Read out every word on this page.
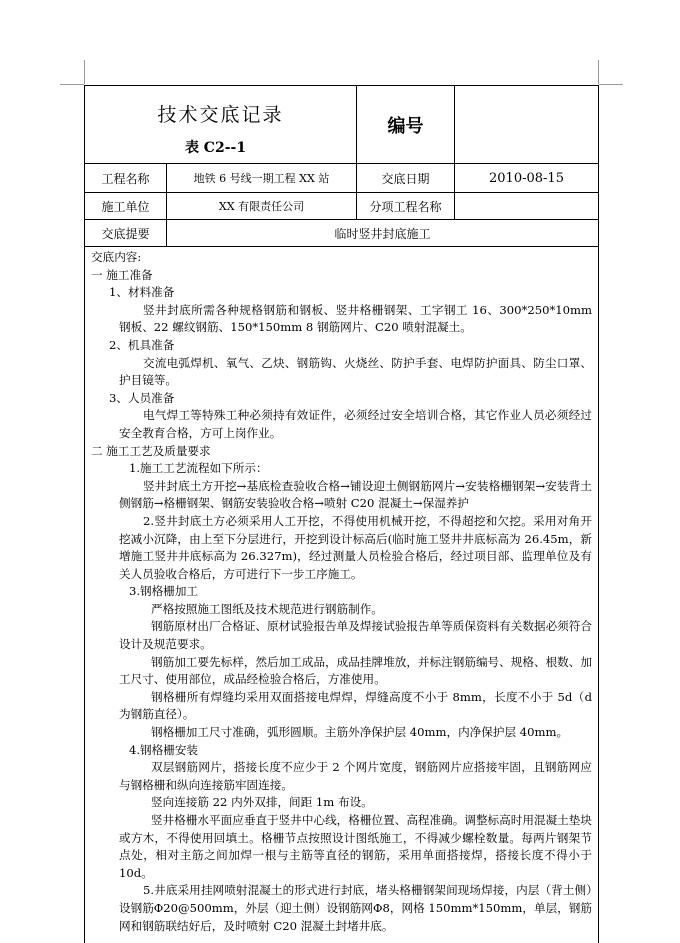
技术交底记录
表 C2--1
编号
工程名称	地铁 6 号线一期工程 XX 站	交底日期	2010-08-15
施工单位	XX 有限责任公司	分项工程名称
交底提要	临时竖井封底施工

交底内容:

一 施工准备

1、材料准备

竖井封底所需各种规格钢筋和钢板、竖井格栅钢架、工字钢工 16、300*250*10mm 钢板、22 螺纹钢筋、150*150mm 8 钢筋网片、C20 喷射混凝土。

2、机具准备

交流电弧焊机、氧气、乙炔、钢筋钩、火烧丝、防护手套、电焊防护面具、防尘口罩、护目镜等。

3、人员准备

电气焊工等特殊工种必须持有效证件，必须经过安全培训合格，其它作业人员必须经过安全教育合格，方可上岗作业。

二 施工工艺及质量要求

1.施工工艺流程如下所示：

竖井封底土方开挖→基底检查验收合格→铺设迎土侧钢筋网片→安装格栅钢架→安装背土侧钢筋→格栅钢架、钢筋安装验收合格→喷射 C20 混凝土→保湿养护

2.竖井封底土方必须采用人工开挖，不得使用机械开挖，不得超挖和欠挖。采用对角开挖减小沉降，由上至下分层进行，开挖到设计标高后(临时施工竖井井底标高为 26.45m，新增施工竖井井底标高为 26.327m)，经过测量人员检验合格后，经过项目部、监理单位及有关人员验收合格后，方可进行下一步工序施工。

3.钢格栅加工

严格按照施工图纸及技术规范进行钢筋制作。

钢筋原材出厂合格证、原材试验报告单及焊接试验报告单等质保资料有关数据必须符合设计及规范要求。

钢筋加工要先标样，然后加工成品，成品挂牌堆放，并标注钢筋编号、规格、根数、加工尺寸、使用部位，成品经检验合格后，方准使用。

钢格栅所有焊缝均采用双面搭接电焊焊，焊缝高度不小于 8mm，长度不小于 5d（d 为钢筋直径）。

钢格栅加工尺寸准确，弧形圆顺。主筋外净保护层 40mm，内净保护层 40mm。

4.钢格栅安装

双层钢筋网片，搭接长度不应少于 2 个网片宽度，钢筋网片应搭接牢固，且钢筋网应与钢格栅和纵向连接筋牢固连接。

竖向连接筋 22 内外双排，间距 1m 布设。

竖井格栅水平面应垂直于竖井中心线，格栅位置、高程准确。调整标高时用混凝土垫块或方木，不得使用回填土。格栅节点按照设计图纸施工，不得减少螺栓数量。每两片钢架节点处，相对主筋之间加焊一根与主筋等直径的钢筋，采用单面搭接焊，搭接长度不得小于 10d。

5.井底采用挂网喷射混凝土的形式进行封底，堵头格栅钢架间现场焊接，内层（背土侧）设钢筋Φ20@500mm，外层（迎土侧）设钢筋网Φ8，网格 150mm*150mm，单层，钢筋网和钢筋联结好后，及时喷射 C20 混凝土封堵井底。
